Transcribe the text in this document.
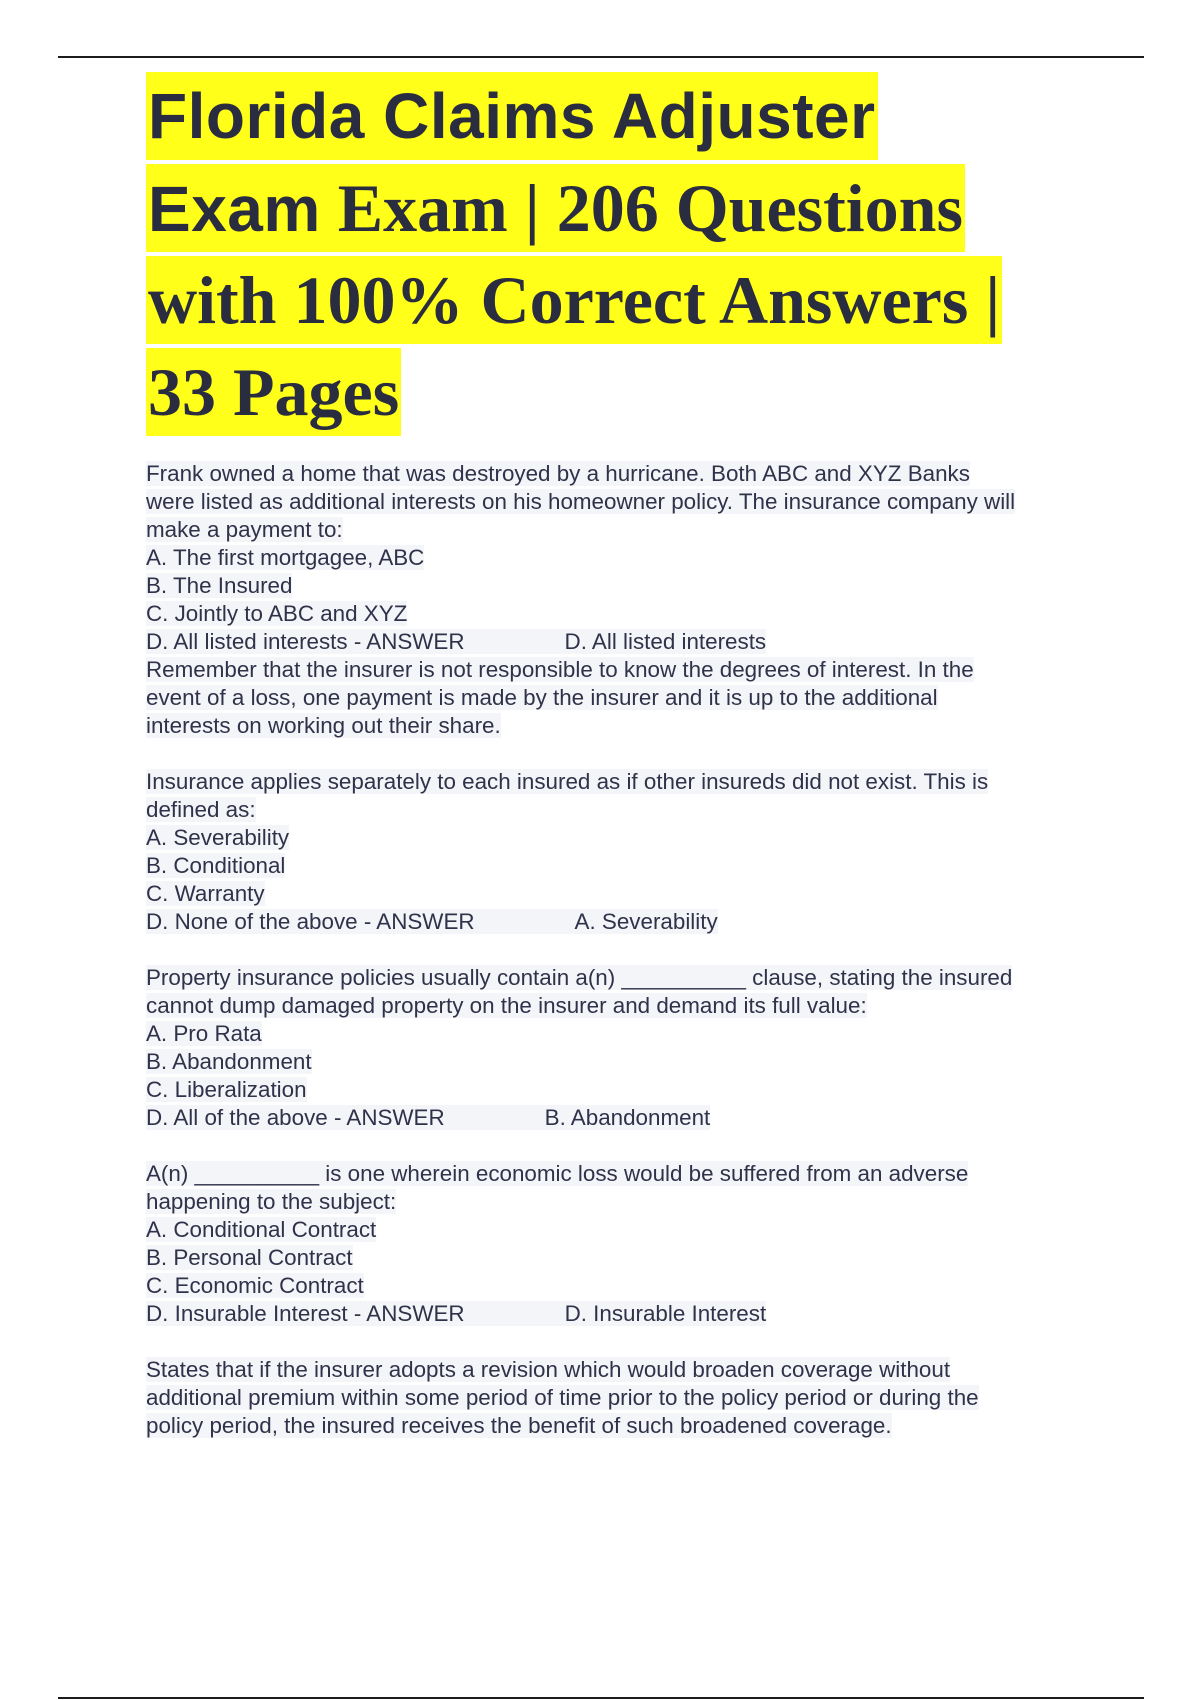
Florida Claims Adjuster
Exam Exam | 206 Questions
with 100% Correct Answers |
33 Pages
Frank owned a home that was destroyed by a hurricane. Both ABC and XYZ Banks
were listed as additional interests on his homeowner policy. The insurance company will
make a payment to:
A. The first mortgagee, ABC
B. The Insured
C. Jointly to ABC and XYZ
D. All listed interests - ANSWER	D. All listed interests
Remember that the insurer is not responsible to know the degrees of interest. In the
event of a loss, one payment is made by the insurer and it is up to the additional
interests on working out their share.
Insurance applies separately to each insured as if other insureds did not exist. This is
defined as:
A. Severability
B. Conditional
C. Warranty
D. None of the above - ANSWER	A. Severability
Property insurance policies usually contain a(n) __________ clause, stating the insured
cannot dump damaged property on the insurer and demand its full value:
A. Pro Rata
B. Abandonment
C. Liberalization
D. All of the above - ANSWER	B. Abandonment
A(n) __________ is one wherein economic loss would be suffered from an adverse
happening to the subject:
A. Conditional Contract
B. Personal Contract
C. Economic Contract
D. Insurable Interest - ANSWER	D. Insurable Interest
States that if the insurer adopts a revision which would broaden coverage without
additional premium within some period of time prior to the policy period or during the
policy period, the insured receives the benefit of such broadened coverage.
